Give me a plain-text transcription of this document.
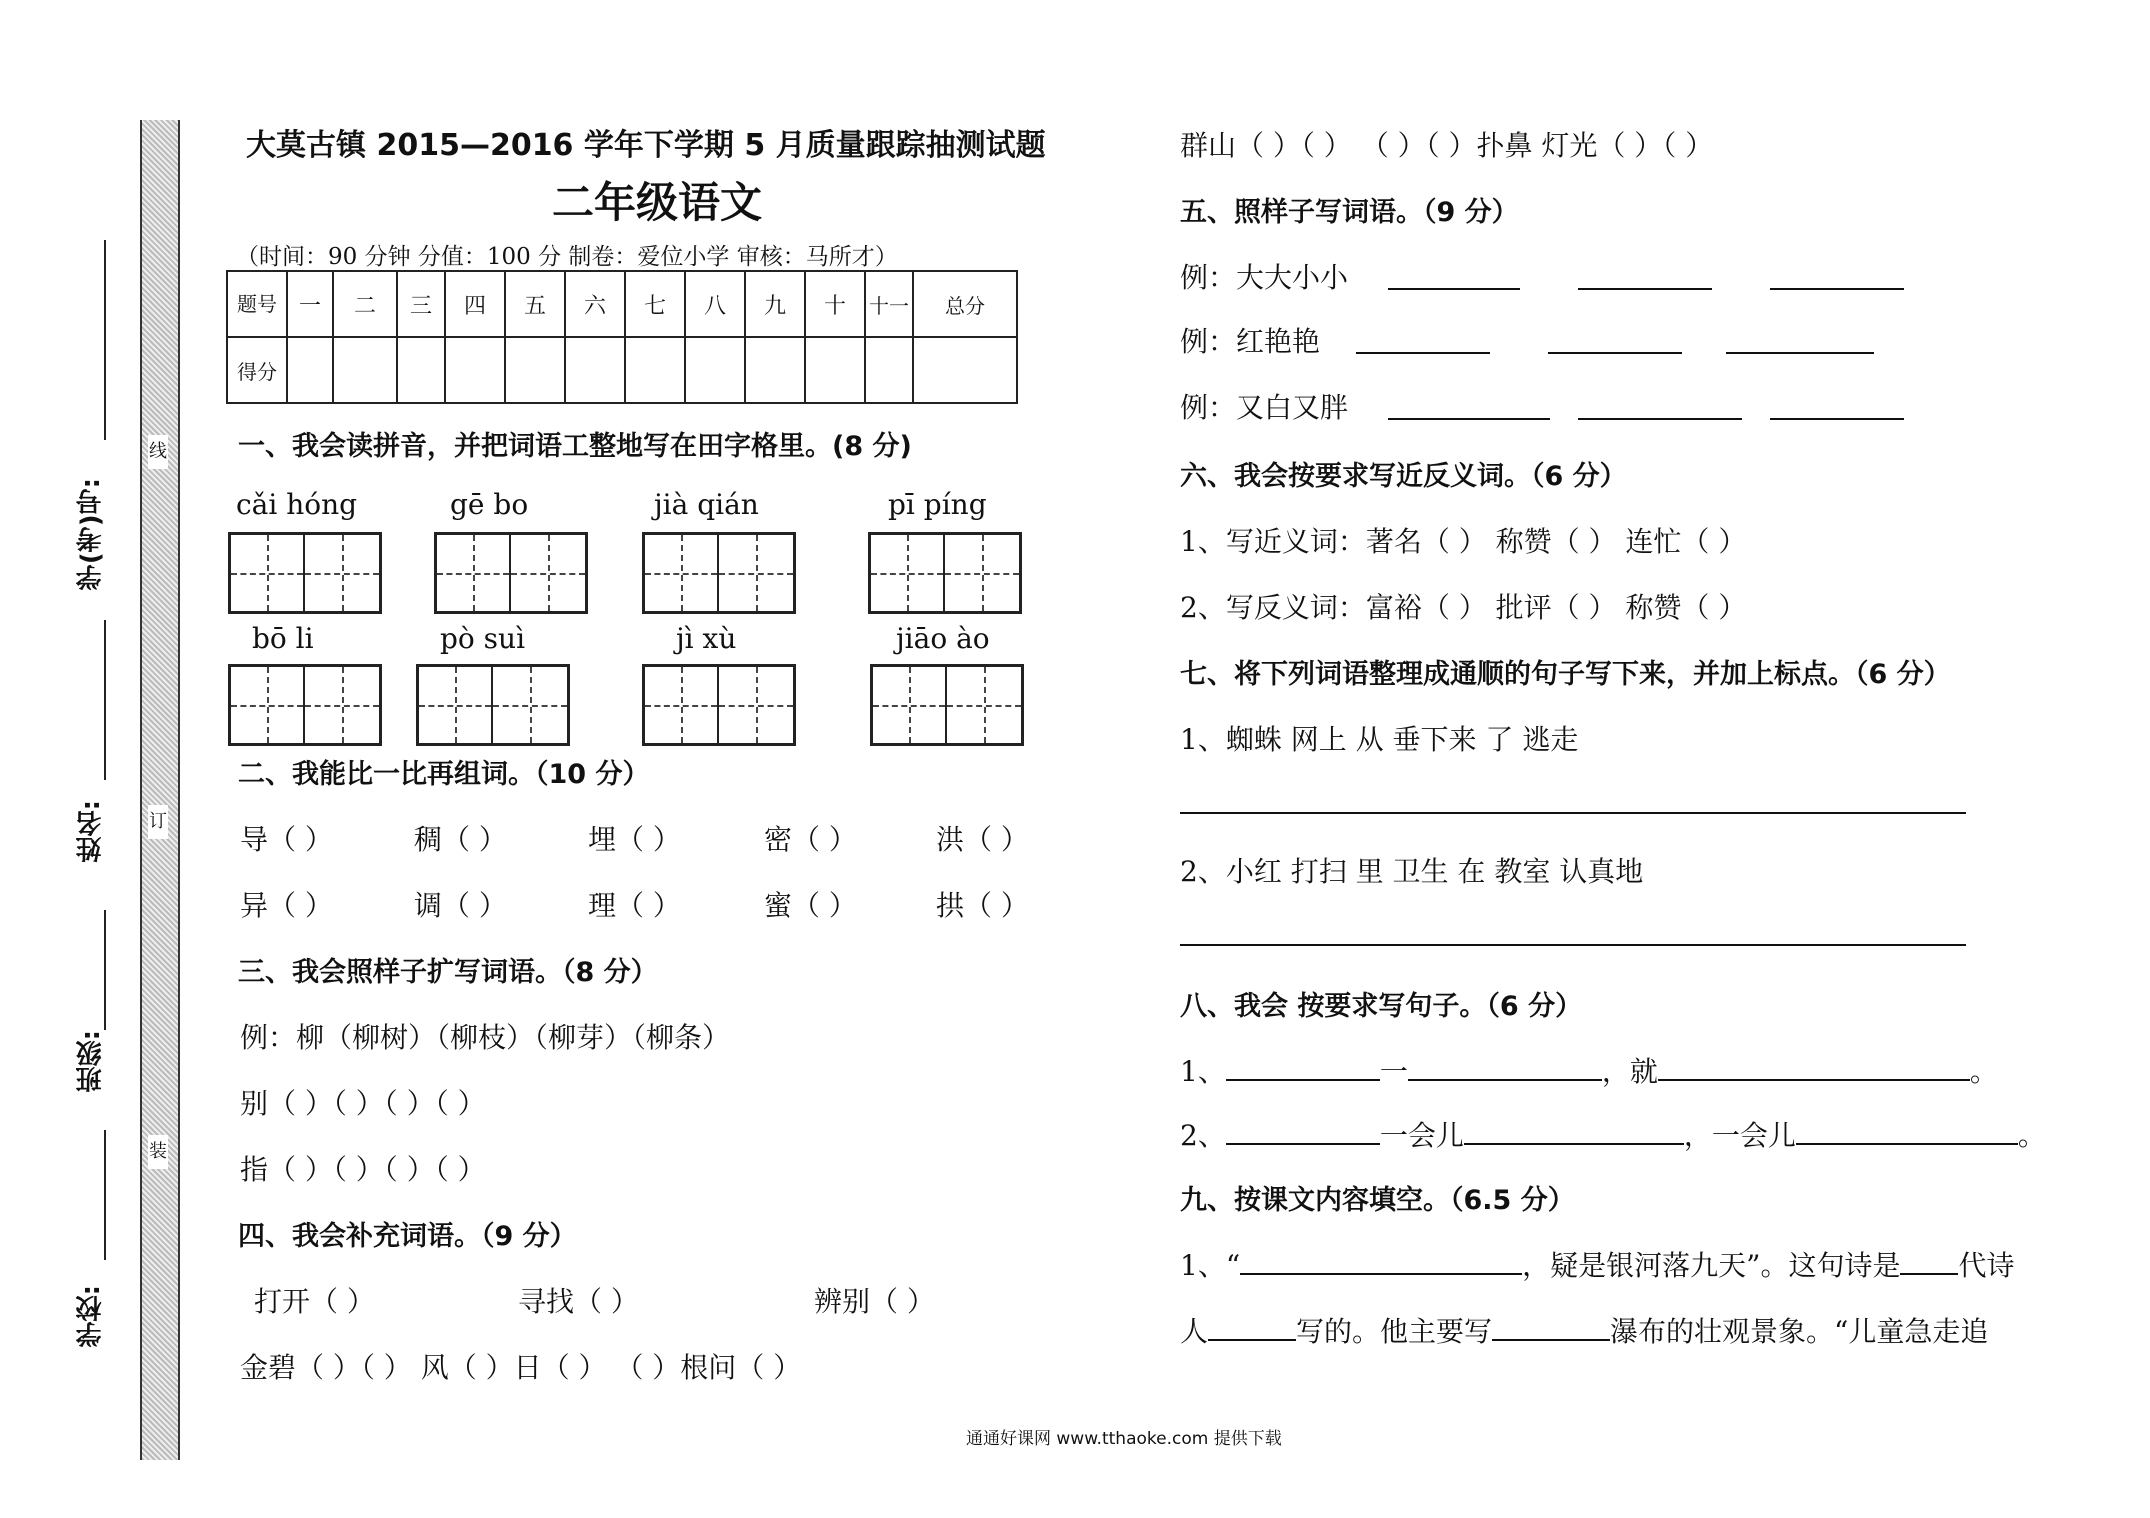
线
订
装
学(考)号:
姓名:
班级:
学校:
大莫古镇 2015—2016 学年下学期 5 月质量跟踪抽测试题
二年级语文
（时间：90 分钟 分值：100 分 制卷：爱位小学 审核：马所才）
题号	一	二	三	四	五	六	七	八	九	十	十一	总分
得分												
一、我会读拼音，并把词语工整地写在田字格里。(8 分)
cǎi hóng	gē bo	jià qián	pī píng
bō li	pò suì	jì xù	jiāo ào
二、我能比一比再组词。（10 分）
导（ ）	稠（ ）	埋（ ）	密（ ）	洪（ ）
异（ ）	调（ ）	理（ ）	蜜（ ）	拱（ ）
三、我会照样子扩写词语。（8 分）
例：柳（柳树）（柳枝）（柳芽）（柳条）
别（ ）（ ）（ ）（ ）
指（ ）（ ）（ ）（ ）
四、我会补充词语。（9 分）
打开（ ）	寻找（ ）	辨别（ ）
金碧（ ）（ ） 风（ ）日（ ） （ ）根问（ ）
通通好课网 www.tthaoke.com 提供下载
群山（ ）（ ） （ ）（ ）扑鼻 灯光（ ）（ ）
五、照样子写词语。（9 分）
例：大大小小
例：红艳艳
例：又白又胖
六、我会按要求写近反义词。（6 分）
1、写近义词：著名（ ） 称赞（ ） 连忙（ ）
2、写反义词：富裕（ ） 批评（ ） 称赞（ ）
七、将下列词语整理成通顺的句子写下来，并加上标点。（6 分）
1、蜘蛛 网上 从 垂下来 了 逃走
2、小红 打扫 里 卫生 在 教室 认真地
八、我会 按要求写句子。（6 分）
1、	一	，就	。
2、	一会儿	，一会儿	。
九、按课文内容填空。（6.5 分）
1、“	，疑是银河落九天”。这句诗是 代诗
人	写的。他主要写	瀑布的壮观景象。“儿童急走追
